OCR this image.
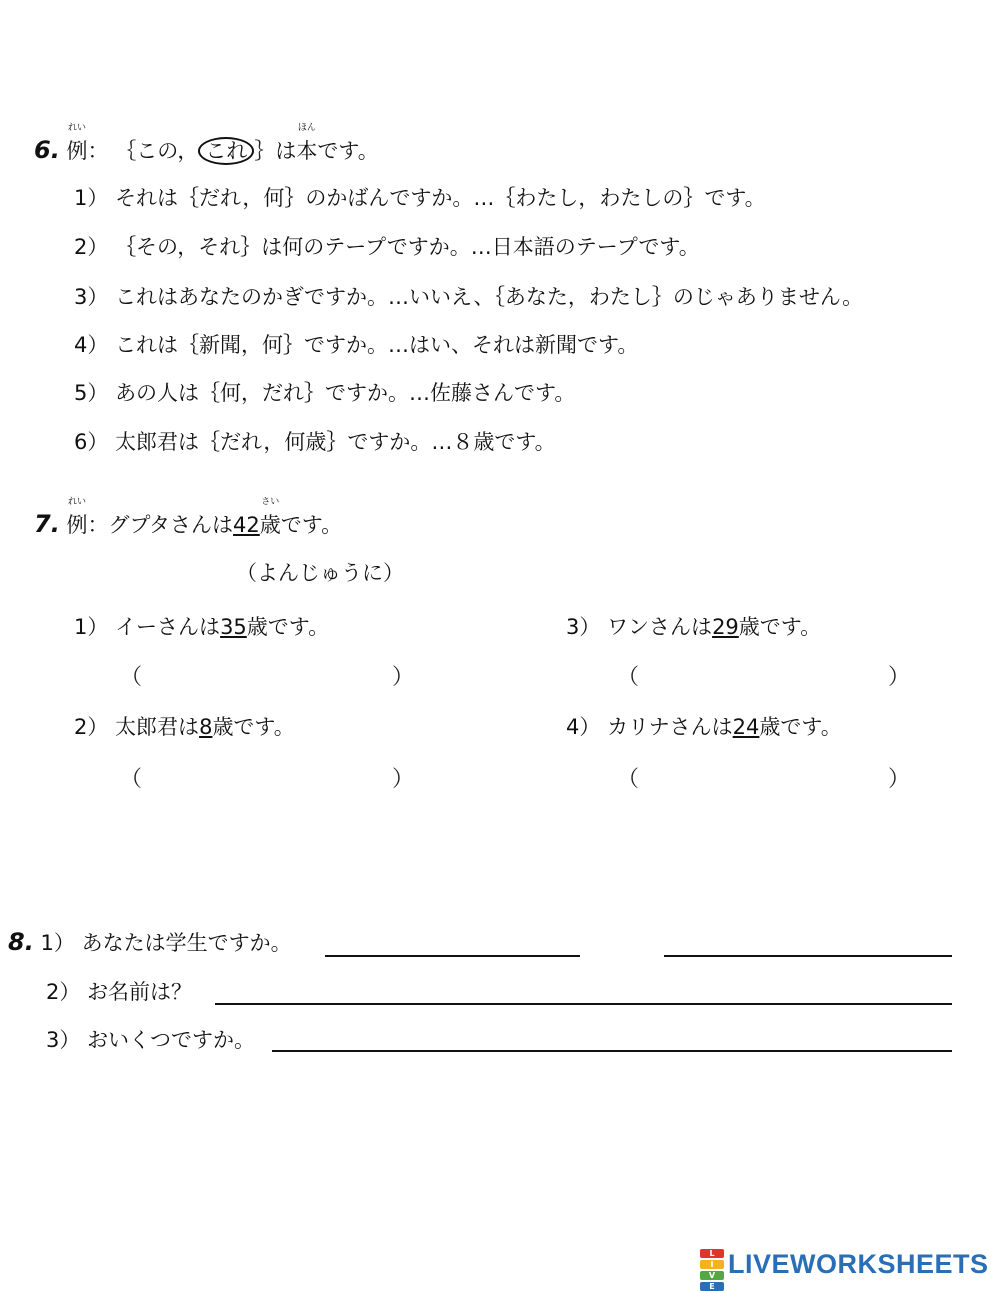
6.
れい
例： ｛この， これ ｝は
ほん
本です。
1） それは｛だれ，何｝のかばんですか。…｛わたし，わたしの｝です。
2） ｛その，それ｝は何のテープですか。…日本語のテープです。
3） これはあなたのかぎですか。…いいえ、｛あなた，わたし｝のじゃありません。
4） これは｛新聞，何｝ですか。…はい、それは新聞です。
5） あの人は｛何，だれ｝ですか。…佐藤さんです。
6） 太郎君は｛だれ，何歳｝ですか。…８歳です。
7.
れい
例：グプタさんは42
さい
歳です。
（よんじゅうに）
1） イーさんは35歳です。	3） ワンさんは29歳です。
（	）	（	）
2） 太郎君は8歳です。	4） カリナさんは24歳です。
（	）	（	）
8. 1） あなたは学生ですか。
2） お名前は？
3） おいくつですか。
L
I
V
E
LIVEWORKSHEETS
